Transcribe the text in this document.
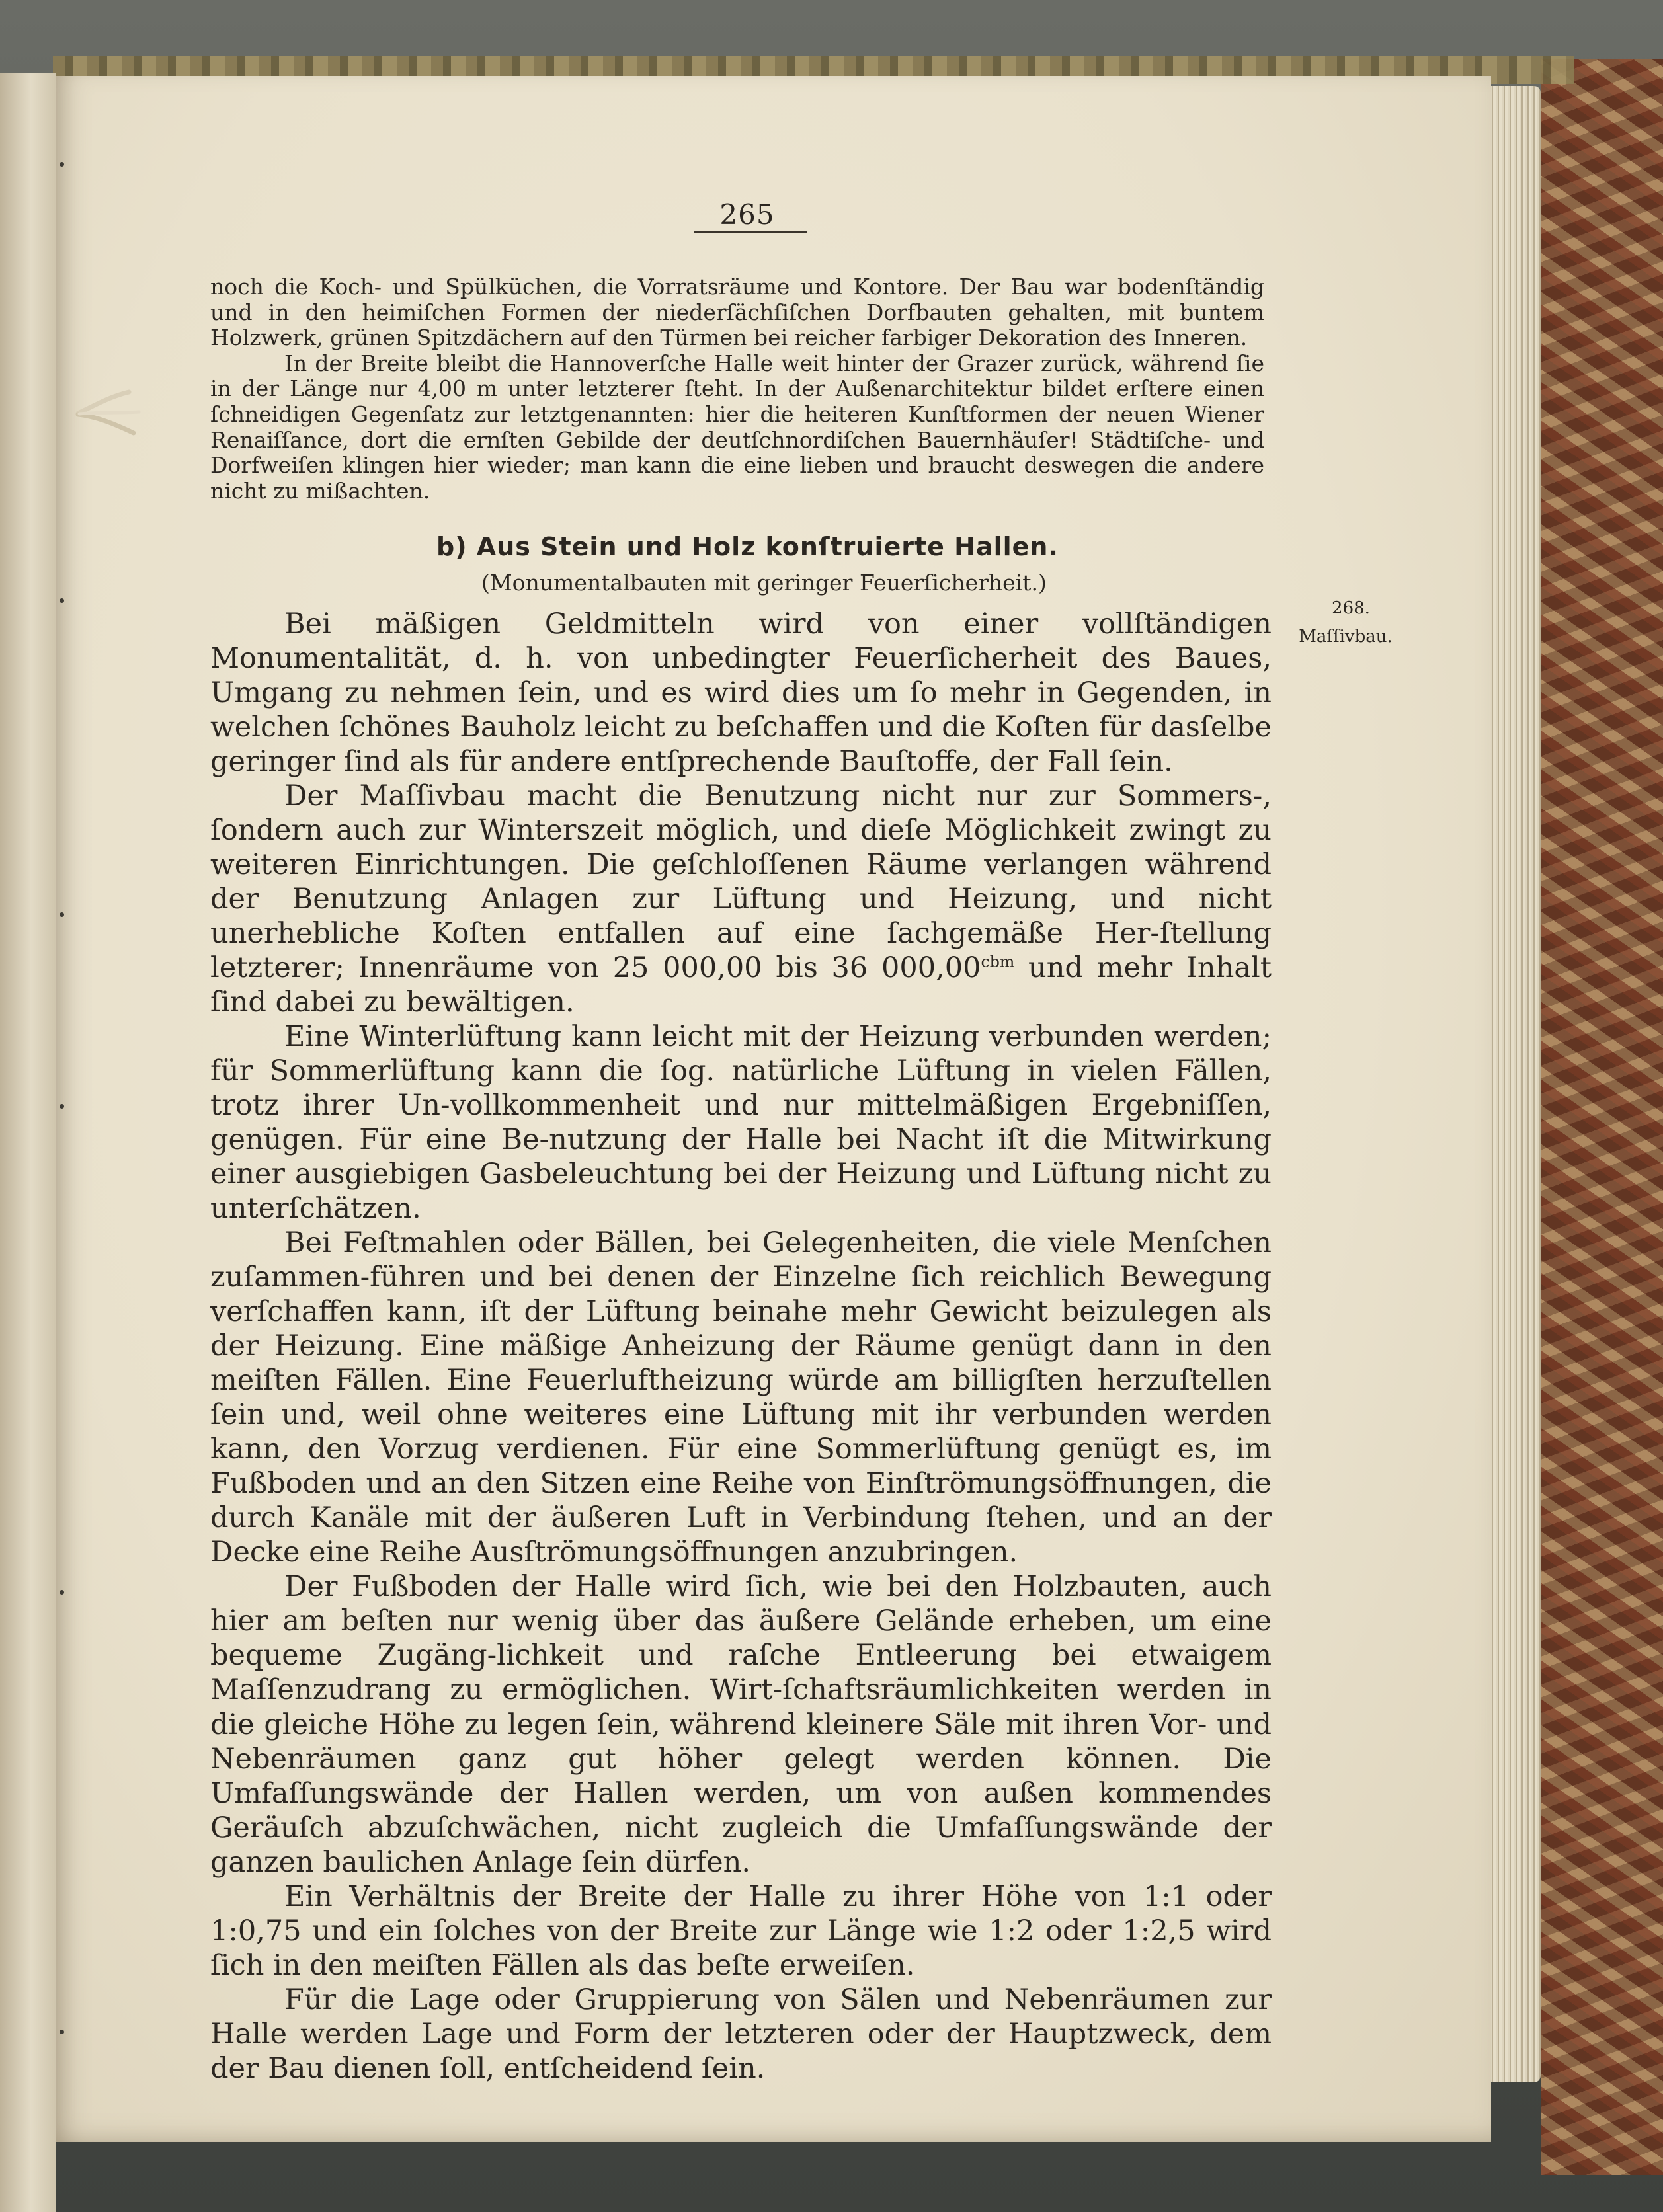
265

noch die Koch- und Spülküchen, die Vorratsräume und Kontore. Der Bau war bodenſtändig und in den heimiſchen Formen der niederſächſiſchen Dorfbauten gehalten, mit buntem Holzwerk, grünen Spitzdächern auf den Türmen bei reicher farbiger Dekoration des Inneren.

In der Breite bleibt die Hannoverſche Halle weit hinter der Grazer zurück, während ſie in der Länge nur 4,00 m unter letzterer ſteht. In der Außenarchitektur bildet erſtere einen ſchneidigen Gegenſatz zur letztgenannten: hier die heiteren Kunſtformen der neuen Wiener Renaiſſance, dort die ernſten Gebilde der deutſchnordiſchen Bauernhäuſer! Städtiſche- und Dorfweiſen klingen hier wieder; man kann die eine lieben und braucht deswegen die andere nicht zu mißachten.

b) Aus Stein und Holz konſtruierte Hallen.
(Monumentalbauten mit geringer Feuerſicherheit.)
268.
Maſſivbau.

Bei mäßigen Geldmitteln wird von einer vollſtändigen Monumentalität, d. h. von unbedingter Feuerſicherheit des Baues, Umgang zu nehmen ſein, und es wird dies um ſo mehr in Gegenden, in welchen ſchönes Bauholz leicht zu beſchaffen und die Koſten für dasſelbe geringer ſind als für andere entſprechende Bauſtoffe, der Fall ſein.

Der Maſſivbau macht die Benutzung nicht nur zur Sommers-, ſondern auch zur Winterszeit möglich, und dieſe Möglichkeit zwingt zu weiteren Einrichtungen. Die geſchloſſenen Räume verlangen während der Benutzung Anlagen zur Lüftung und Heizung, und nicht unerhebliche Koſten entfallen auf eine ſachgemäße Her-ſtellung letzterer; Innenräume von 25 000,00 bis 36 $000,00^{cbm}$ und mehr Inhalt ſind dabei zu bewältigen.

Eine Winterlüftung kann leicht mit der Heizung verbunden werden; für Sommerlüftung kann die ſog. natürliche Lüftung in vielen Fällen, trotz ihrer Un-vollkommenheit und nur mittelmäßigen Ergebniſſen, genügen. Für eine Be-nutzung der Halle bei Nacht iſt die Mitwirkung einer ausgiebigen Gasbeleuchtung bei der Heizung und Lüftung nicht zu unterſchätzen.

Bei Feſtmahlen oder Bällen, bei Gelegenheiten, die viele Menſchen zuſammen-führen und bei denen der Einzelne ſich reichlich Bewegung verſchaffen kann, iſt der Lüftung beinahe mehr Gewicht beizulegen als der Heizung. Eine mäßige Anheizung der Räume genügt dann in den meiſten Fällen. Eine Feuerluftheizung würde am billigſten herzuſtellen ſein und, weil ohne weiteres eine Lüftung mit ihr verbunden werden kann, den Vorzug verdienen. Für eine Sommerlüftung genügt es, im Fußboden und an den Sitzen eine Reihe von Einſtrömungsöffnungen, die durch Kanäle mit der äußeren Luft in Verbindung ſtehen, und an der Decke eine Reihe Ausſtrömungsöffnungen anzubringen.

Der Fußboden der Halle wird ſich, wie bei den Holzbauten, auch hier am beſten nur wenig über das äußere Gelände erheben, um eine bequeme Zugäng-lichkeit und raſche Entleerung bei etwaigem Maſſenzudrang zu ermöglichen. Wirt-ſchaftsräumlichkeiten werden in die gleiche Höhe zu legen ſein, während kleinere Säle mit ihren Vor- und Nebenräumen ganz gut höher gelegt werden können. Die Umfaſſungswände der Hallen werden, um von außen kommendes Geräuſch abzuſchwächen, nicht zugleich die Umfaſſungswände der ganzen baulichen Anlage ſein dürfen.

Ein Verhältnis der Breite der Halle zu ihrer Höhe von 1:1 oder 1:0,75 und ein ſolches von der Breite zur Länge wie 1:2 oder 1:2,5 wird ſich in den meiſten Fällen als das beſte erweiſen.

Für die Lage oder Gruppierung von Sälen und Nebenräumen zur Halle werden Lage und Form der letzteren oder der Hauptzweck, dem der Bau dienen ſoll, entſcheidend ſein.
